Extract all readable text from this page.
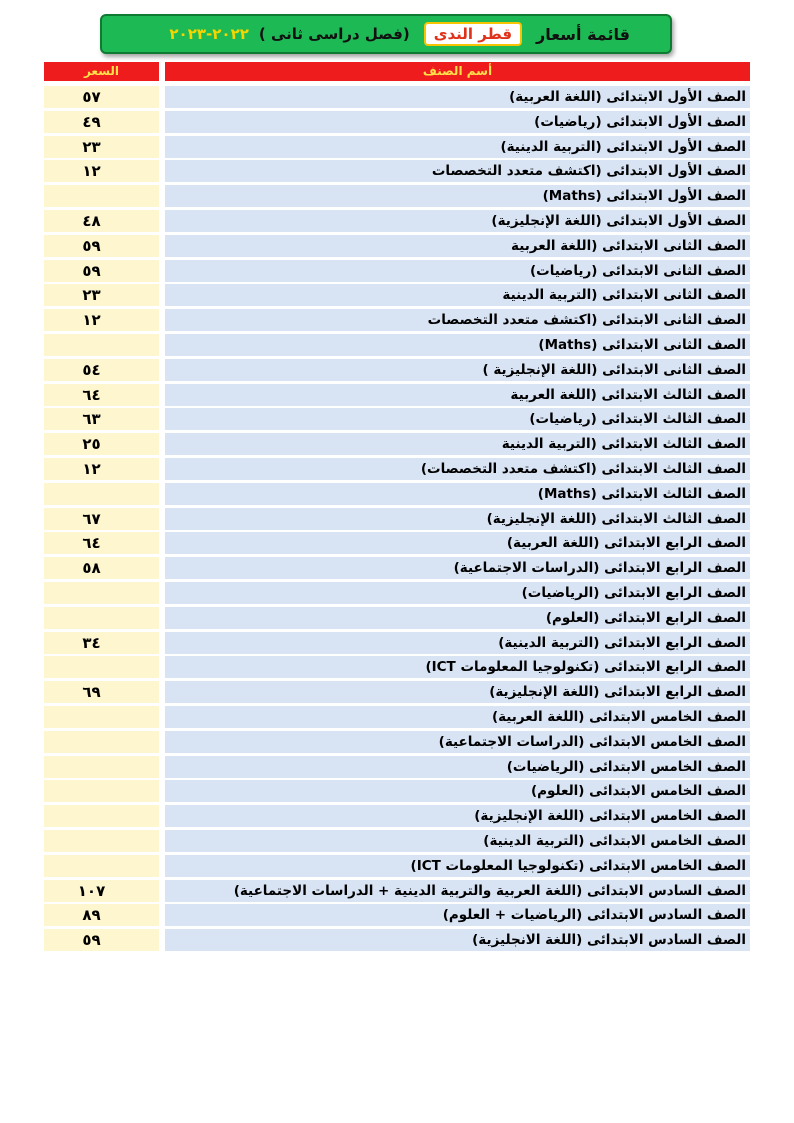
قائمة أسعار
قطر الندى
(فصل دراسى ثانى )
٢٠٢٢-٢٠٢٣
السعر	أسم الصنف
٥٧	الصف الأول الابتدائى (اللغة العربية)
٤٩	الصف الأول الابتدائى (رياضيات)
٢٣	الصف الأول الابتدائى (التربية الدينية)
١٢	الصف الأول الابتدائى (اكتشف متعدد التخصصات
الصف الأول الابتدائى (Maths)
٤٨	الصف الأول الابتدائى (اللغة الإنجليزية)
٥٩	الصف الثانى الابتدائى (اللغة العربية
٥٩	الصف الثانى الابتدائى (رياضيات)
٢٣	الصف الثانى الابتدائى (التربية الدينية
١٢	الصف الثانى الابتدائى (اكتشف متعدد التخصصات
الصف الثانى الابتدائى (Maths)
٥٤	الصف الثانى الابتدائى (اللغة الإنجليزية )
٦٤	الصف الثالث الابتدائى (اللغة العربية
٦٣	الصف الثالث الابتدائى (رياضيات)
٢٥	الصف الثالث الابتدائى (التربية الدينية
١٢	الصف الثالث الابتدائى (اكتشف متعدد التخصصات)
الصف الثالث الابتدائى (Maths)
٦٧	الصف الثالث الابتدائى (اللغة الإنجليزية)
٦٤	الصف الرابع الابتدائى (اللغة العربية)
٥٨	الصف الرابع الابتدائى (الدراسات الاجتماعية)
الصف الرابع الابتدائى (الرياضيات)
الصف الرابع الابتدائى (العلوم)
٣٤	الصف الرابع الابتدائى (التربية الدينية)
الصف الرابع الابتدائى (تكنولوجيا المعلومات ICT)
٦٩	الصف الرابع الابتدائى (اللغة الإنجليزية)
الصف الخامس الابتدائى (اللغة العربية)
الصف الخامس الابتدائى (الدراسات الاجتماعية)
الصف الخامس الابتدائى (الرياضيات)
الصف الخامس الابتدائى (العلوم)
الصف الخامس الابتدائى (اللغة الإنجليزية)
الصف الخامس الابتدائى (التربية الدينية)
الصف الخامس الابتدائى (تكنولوجيا المعلومات ICT)
١٠٧	الصف السادس الابتدائى (اللغة العربية والتربية الدينية + الدراسات الاجتماعية)
٨٩	الصف السادس الابتدائى (الرياضيات + العلوم)
٥٩	الصف السادس الابتدائى (اللغة الانجليزية)
